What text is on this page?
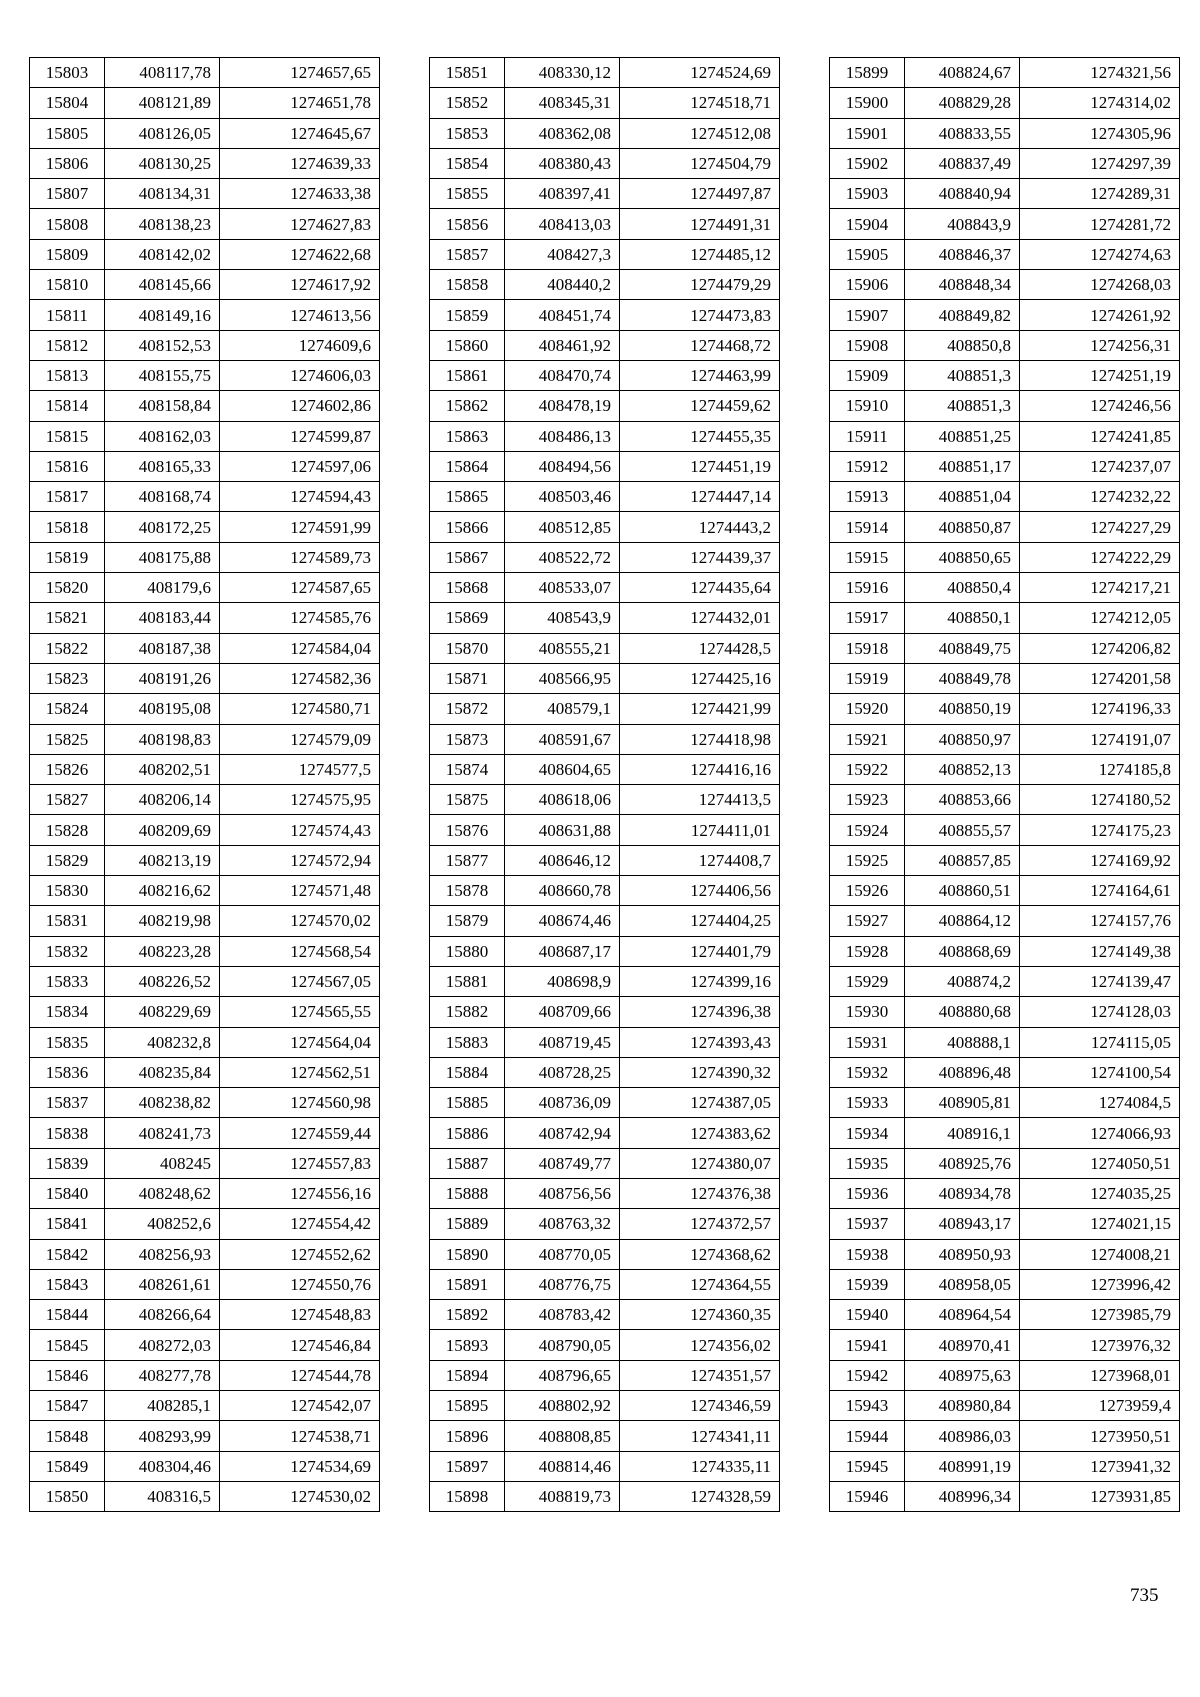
15803	408117,78	1274657,65
15804	408121,89	1274651,78
15805	408126,05	1274645,67
15806	408130,25	1274639,33
15807	408134,31	1274633,38
15808	408138,23	1274627,83
15809	408142,02	1274622,68
15810	408145,66	1274617,92
15811	408149,16	1274613,56
15812	408152,53	1274609,6
15813	408155,75	1274606,03
15814	408158,84	1274602,86
15815	408162,03	1274599,87
15816	408165,33	1274597,06
15817	408168,74	1274594,43
15818	408172,25	1274591,99
15819	408175,88	1274589,73
15820	408179,6	1274587,65
15821	408183,44	1274585,76
15822	408187,38	1274584,04
15823	408191,26	1274582,36
15824	408195,08	1274580,71
15825	408198,83	1274579,09
15826	408202,51	1274577,5
15827	408206,14	1274575,95
15828	408209,69	1274574,43
15829	408213,19	1274572,94
15830	408216,62	1274571,48
15831	408219,98	1274570,02
15832	408223,28	1274568,54
15833	408226,52	1274567,05
15834	408229,69	1274565,55
15835	408232,8	1274564,04
15836	408235,84	1274562,51
15837	408238,82	1274560,98
15838	408241,73	1274559,44
15839	408245	1274557,83
15840	408248,62	1274556,16
15841	408252,6	1274554,42
15842	408256,93	1274552,62
15843	408261,61	1274550,76
15844	408266,64	1274548,83
15845	408272,03	1274546,84
15846	408277,78	1274544,78
15847	408285,1	1274542,07
15848	408293,99	1274538,71
15849	408304,46	1274534,69
15850	408316,5	1274530,02
15851	408330,12	1274524,69
15852	408345,31	1274518,71
15853	408362,08	1274512,08
15854	408380,43	1274504,79
15855	408397,41	1274497,87
15856	408413,03	1274491,31
15857	408427,3	1274485,12
15858	408440,2	1274479,29
15859	408451,74	1274473,83
15860	408461,92	1274468,72
15861	408470,74	1274463,99
15862	408478,19	1274459,62
15863	408486,13	1274455,35
15864	408494,56	1274451,19
15865	408503,46	1274447,14
15866	408512,85	1274443,2
15867	408522,72	1274439,37
15868	408533,07	1274435,64
15869	408543,9	1274432,01
15870	408555,21	1274428,5
15871	408566,95	1274425,16
15872	408579,1	1274421,99
15873	408591,67	1274418,98
15874	408604,65	1274416,16
15875	408618,06	1274413,5
15876	408631,88	1274411,01
15877	408646,12	1274408,7
15878	408660,78	1274406,56
15879	408674,46	1274404,25
15880	408687,17	1274401,79
15881	408698,9	1274399,16
15882	408709,66	1274396,38
15883	408719,45	1274393,43
15884	408728,25	1274390,32
15885	408736,09	1274387,05
15886	408742,94	1274383,62
15887	408749,77	1274380,07
15888	408756,56	1274376,38
15889	408763,32	1274372,57
15890	408770,05	1274368,62
15891	408776,75	1274364,55
15892	408783,42	1274360,35
15893	408790,05	1274356,02
15894	408796,65	1274351,57
15895	408802,92	1274346,59
15896	408808,85	1274341,11
15897	408814,46	1274335,11
15898	408819,73	1274328,59
15899	408824,67	1274321,56
15900	408829,28	1274314,02
15901	408833,55	1274305,96
15902	408837,49	1274297,39
15903	408840,94	1274289,31
15904	408843,9	1274281,72
15905	408846,37	1274274,63
15906	408848,34	1274268,03
15907	408849,82	1274261,92
15908	408850,8	1274256,31
15909	408851,3	1274251,19
15910	408851,3	1274246,56
15911	408851,25	1274241,85
15912	408851,17	1274237,07
15913	408851,04	1274232,22
15914	408850,87	1274227,29
15915	408850,65	1274222,29
15916	408850,4	1274217,21
15917	408850,1	1274212,05
15918	408849,75	1274206,82
15919	408849,78	1274201,58
15920	408850,19	1274196,33
15921	408850,97	1274191,07
15922	408852,13	1274185,8
15923	408853,66	1274180,52
15924	408855,57	1274175,23
15925	408857,85	1274169,92
15926	408860,51	1274164,61
15927	408864,12	1274157,76
15928	408868,69	1274149,38
15929	408874,2	1274139,47
15930	408880,68	1274128,03
15931	408888,1	1274115,05
15932	408896,48	1274100,54
15933	408905,81	1274084,5
15934	408916,1	1274066,93
15935	408925,76	1274050,51
15936	408934,78	1274035,25
15937	408943,17	1274021,15
15938	408950,93	1274008,21
15939	408958,05	1273996,42
15940	408964,54	1273985,79
15941	408970,41	1273976,32
15942	408975,63	1273968,01
15943	408980,84	1273959,4
15944	408986,03	1273950,51
15945	408991,19	1273941,32
15946	408996,34	1273931,85
735
